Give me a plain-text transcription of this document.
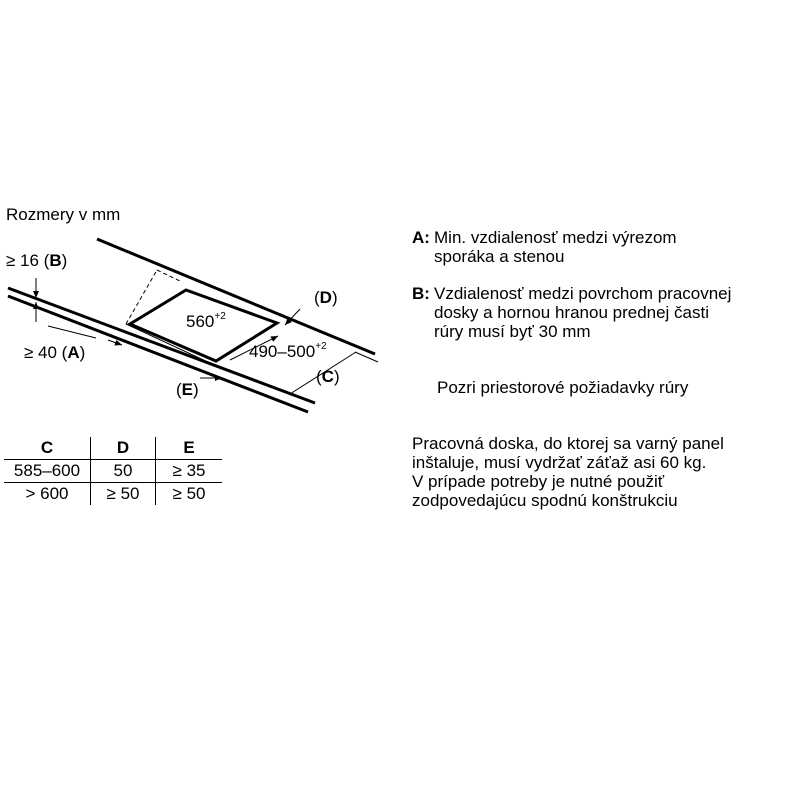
Rozmery v mm
≥ 16 (B)
≥ 40 (A)
$560^{+2}$
$490-500^{+2}$
(D)
(C)
(E)
C	D	E
585–600	50	≥ 35
> 600	≥ 50	≥ 50
A: Min. vzdialenosť medzi výrezom
sporáka a stenou
B: Vzdialenosť medzi povrchom pracovnej
dosky a hornou hranou prednej časti
rúry musí byť 30 mm
Pozri priestorové požiadavky rúry
Pracovná doska, do ktorej sa varný panel
inštaluje, musí vydržať záťaž asi 60 kg.
V prípade potreby je nutné použiť
zodpovedajúcu spodnú konštrukciu
